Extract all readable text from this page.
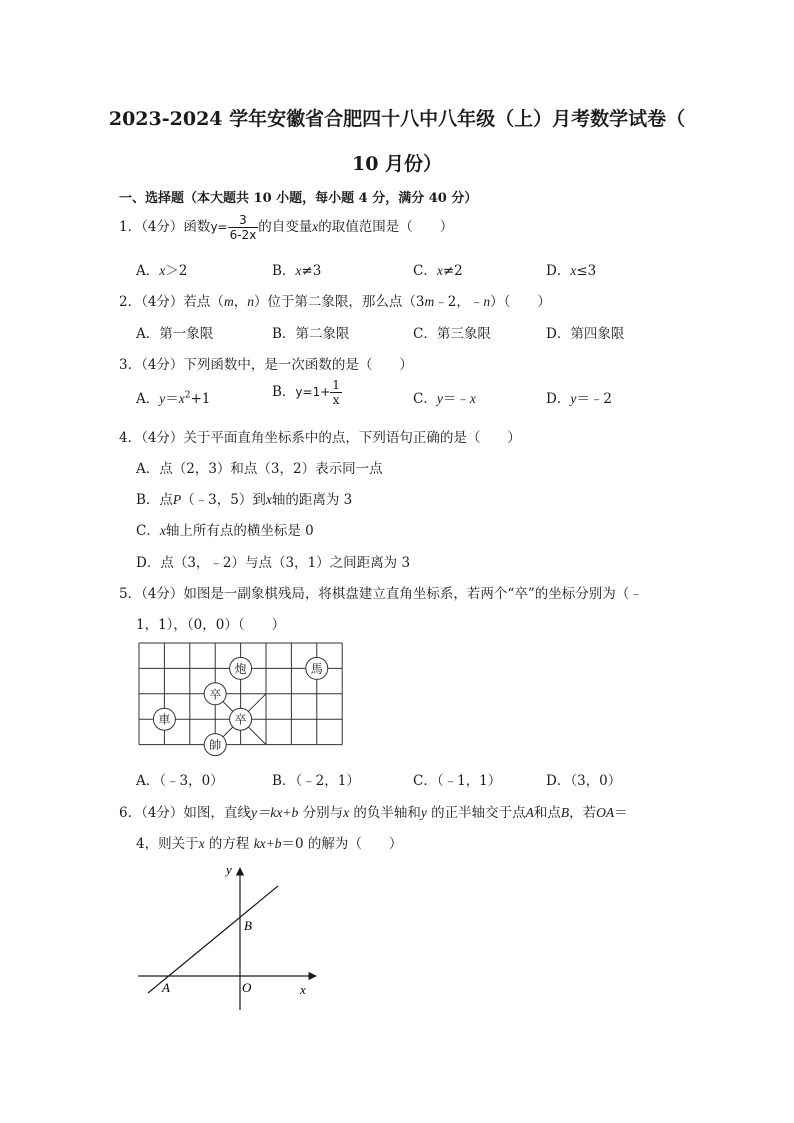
2023-2024 学年安徽省合肥四十八中八年级（上）月考数学试卷（
10 月份）
一、选择题（本大题共 10 小题，每小题 4 分，满分 40 分）
1．（4分）函数$y= \frac{3}{6-2x}$ 的自变量x的取值范围是（　　）
A．x＞2	B．x≠3	C．x≠2	D．x≤3
2．（4分）若点（m，n）位于第二象限，那么点（3m﹣2，﹣n）（　　）
A．第一象限	B．第二象限	C．第三象限	D．第四象限
3．（4分）下列函数中，是一次函数的是（　　）
A．$y=x^2+1$	B．$y=1+ \frac{1}{x}$	C．y＝﹣x	D．y＝﹣2
4．（4分）关于平面直角坐标系中的点，下列语句正确的是（　　）
A．点（2，3）和点（3，2）表示同一点
B．点P（﹣3，5）到x轴的距离为 3
C．x轴上所有点的横坐标是 0
D．点（3，﹣2）与点（3，1）之间距离为 3
5．（4分）如图是一副象棋残局，将棋盘建立直角坐标系，若两个“卒”的坐标分别为（﹣
1，1），（0，0）（　　）
炮	馬
卒
車	卒
帥
A．（﹣3，0）	B．（﹣2，1）	C．（﹣1，1）	D．（3，0）
6．（4分）如图，直线y＝kx+b 分别与x 的负半轴和y 的正半轴交于点A和点B，若OA＝
4，则关于x 的方程 kx+b＝0 的解为（　　）
y
x
B
A	O
